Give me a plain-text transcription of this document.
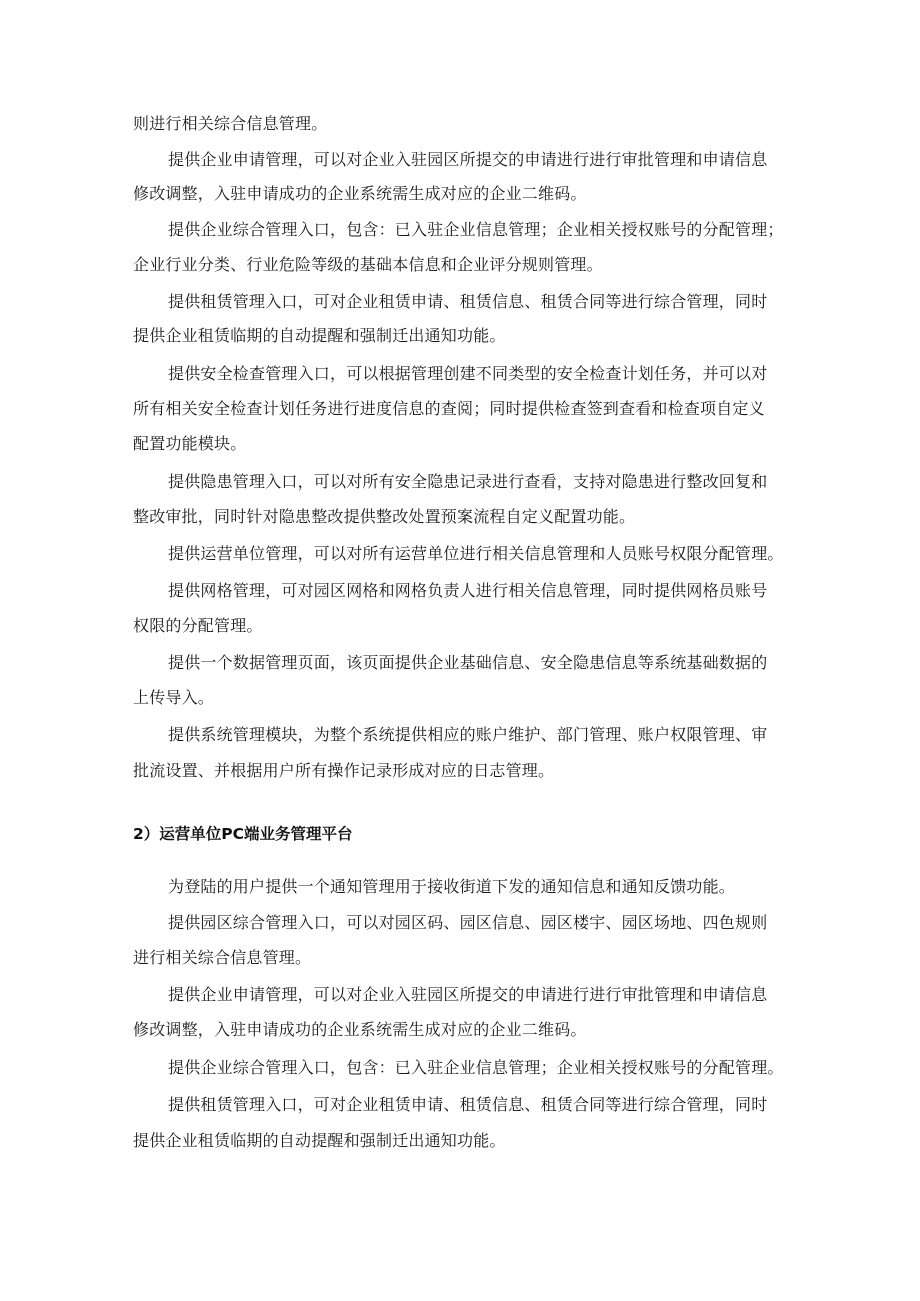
则进行相关综合信息管理。
提供企业申请管理，可以对企业入驻园区所提交的申请进行进行审批管理和申请信息
修改调整，入驻申请成功的企业系统需生成对应的企业二维码。
提供企业综合管理入口，包含：已入驻企业信息管理；企业相关授权账号的分配管理；
企业行业分类、行业危险等级的基础本信息和企业评分规则管理。
提供租赁管理入口，可对企业租赁申请、租赁信息、租赁合同等进行综合管理，同时
提供企业租赁临期的自动提醒和强制迁出通知功能。
提供安全检查管理入口，可以根据管理创建不同类型的安全检查计划任务，并可以对
所有相关安全检查计划任务进行进度信息的查阅；同时提供检查签到查看和检查项自定义
配置功能模块。
提供隐患管理入口，可以对所有安全隐患记录进行查看，支持对隐患进行整改回复和
整改审批，同时针对隐患整改提供整改处置预案流程自定义配置功能。
提供运营单位管理，可以对所有运营单位进行相关信息管理和人员账号权限分配管理。
提供网格管理，可对园区网格和网格负责人进行相关信息管理，同时提供网格员账号
权限的分配管理。
提供一个数据管理页面，该页面提供企业基础信息、安全隐患信息等系统基础数据的
上传导入。
提供系统管理模块，为整个系统提供相应的账户维护、部门管理、账户权限管理、审
批流设置、并根据用户所有操作记录形成对应的日志管理。
2）运营单位PC端业务管理平台
为登陆的用户提供一个通知管理用于接收街道下发的通知信息和通知反馈功能。
提供园区综合管理入口，可以对园区码、园区信息、园区楼宇、园区场地、四色规则
进行相关综合信息管理。
提供企业申请管理，可以对企业入驻园区所提交的申请进行进行审批管理和申请信息
修改调整，入驻申请成功的企业系统需生成对应的企业二维码。
提供企业综合管理入口，包含：已入驻企业信息管理；企业相关授权账号的分配管理。
提供租赁管理入口，可对企业租赁申请、租赁信息、租赁合同等进行综合管理，同时
提供企业租赁临期的自动提醒和强制迁出通知功能。
